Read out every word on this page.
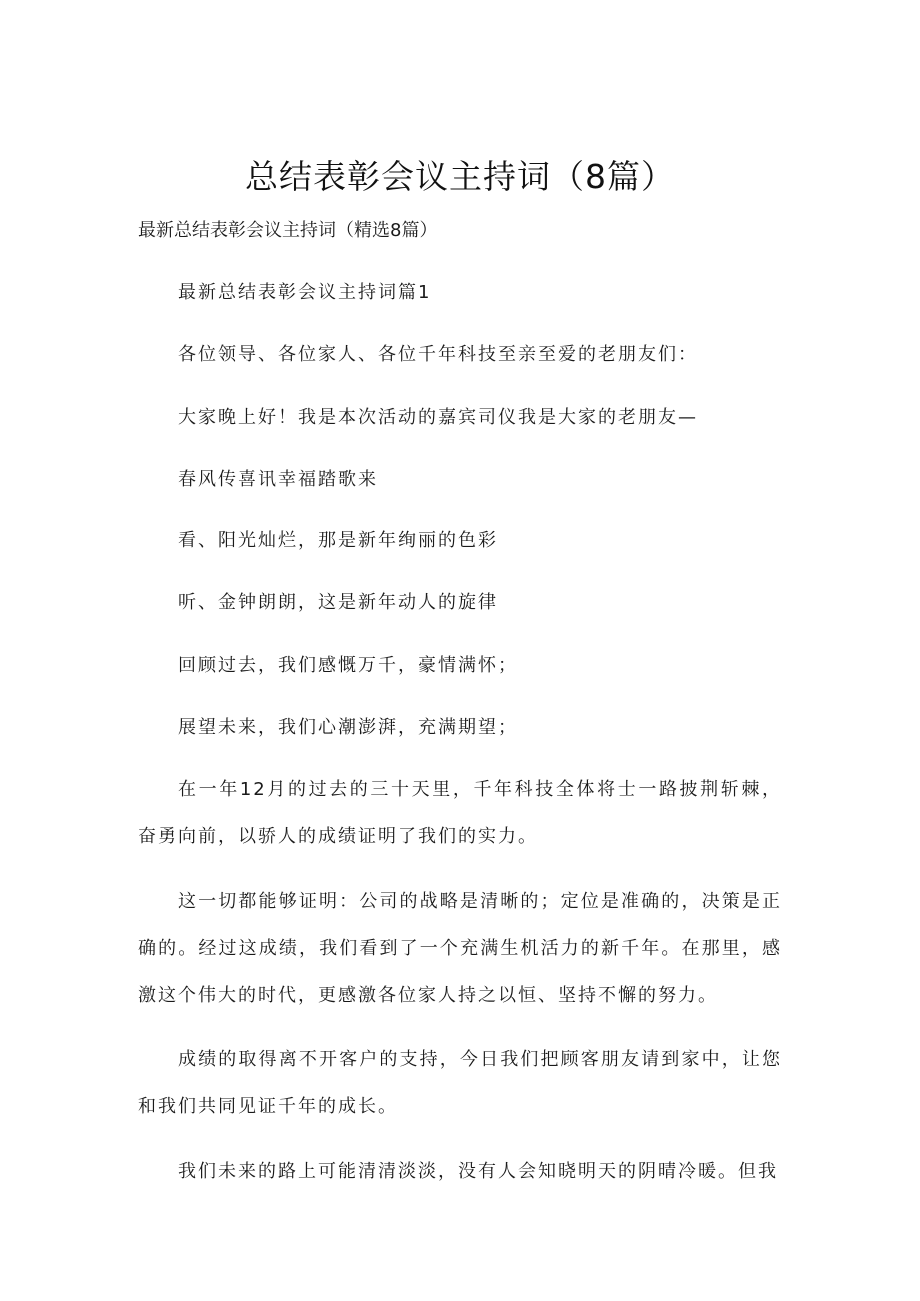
总结表彰会议主持词（8篇）
最新总结表彰会议主持词（精选8篇）
最新总结表彰会议主持词篇1
各位领导、各位家人、各位千年科技至亲至爱的老朋友们：
大家晚上好！我是本次活动的嘉宾司仪我是大家的老朋友—
春风传喜讯幸福踏歌来
看、阳光灿烂，那是新年绚丽的色彩
听、金钟朗朗，这是新年动人的旋律
回顾过去，我们感慨万千，豪情满怀；
展望未来，我们心潮澎湃，充满期望；
在一年12月的过去的三十天里，千年科技全体将士一路披荆斩棘，奋勇向前，以骄人的成绩证明了我们的实力。
这一切都能够证明：公司的战略是清晰的；定位是准确的，决策是正确的。经过这成绩，我们看到了一个充满生机活力的新千年。在那里，感激这个伟大的时代，更感激各位家人持之以恒、坚持不懈的努力。
成绩的取得离不开客户的支持，今日我们把顾客朋友请到家中，让您和我们共同见证千年的成长。
我们未来的路上可能清清淡淡，没有人会知晓明天的阴晴冷暖。但我
